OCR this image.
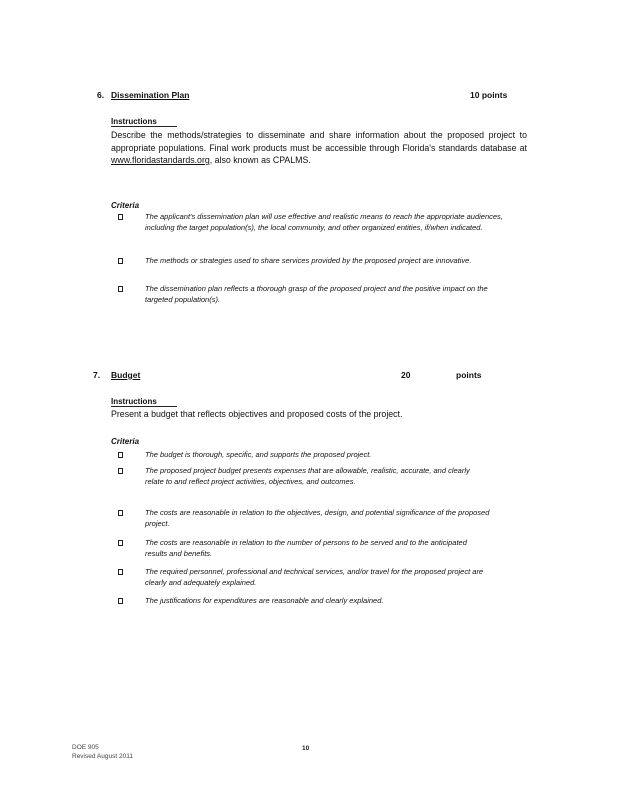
6. Dissemination Plan	10 points
Instructions
Describe the methods/strategies to disseminate and share information about the proposed project to appropriate populations. Final work products must be accessible through Florida's standards database at www.floridastandards.org, also known as CPALMS.
Criteria
The applicant's dissemination plan will use effective and realistic means to reach the appropriate audiences, including the target population(s), the local community, and other organized entities, if/when indicated.
The methods or strategies used to share services provided by the proposed project are innovative.
The dissemination plan reflects a thorough grasp of the proposed project and the positive impact on the targeted population(s).
7. Budget	20	points
Instructions
Present a budget that reflects objectives and proposed costs of the project.
Criteria
The budget is thorough, specific, and supports the proposed project.
The proposed project budget presents expenses that are allowable, realistic, accurate, and clearly relate to and reflect project activities, objectives, and outcomes.
The costs are reasonable in relation to the objectives, design, and potential significance of the proposed project.
The costs are reasonable in relation to the number of persons to be served and to the anticipated results and benefits.
The required personnel, professional and technical services, and/or travel for the proposed project are clearly and adequately explained.
The justifications for expenditures are reasonable and clearly explained.
DOE 905
Revised August 2011
10
